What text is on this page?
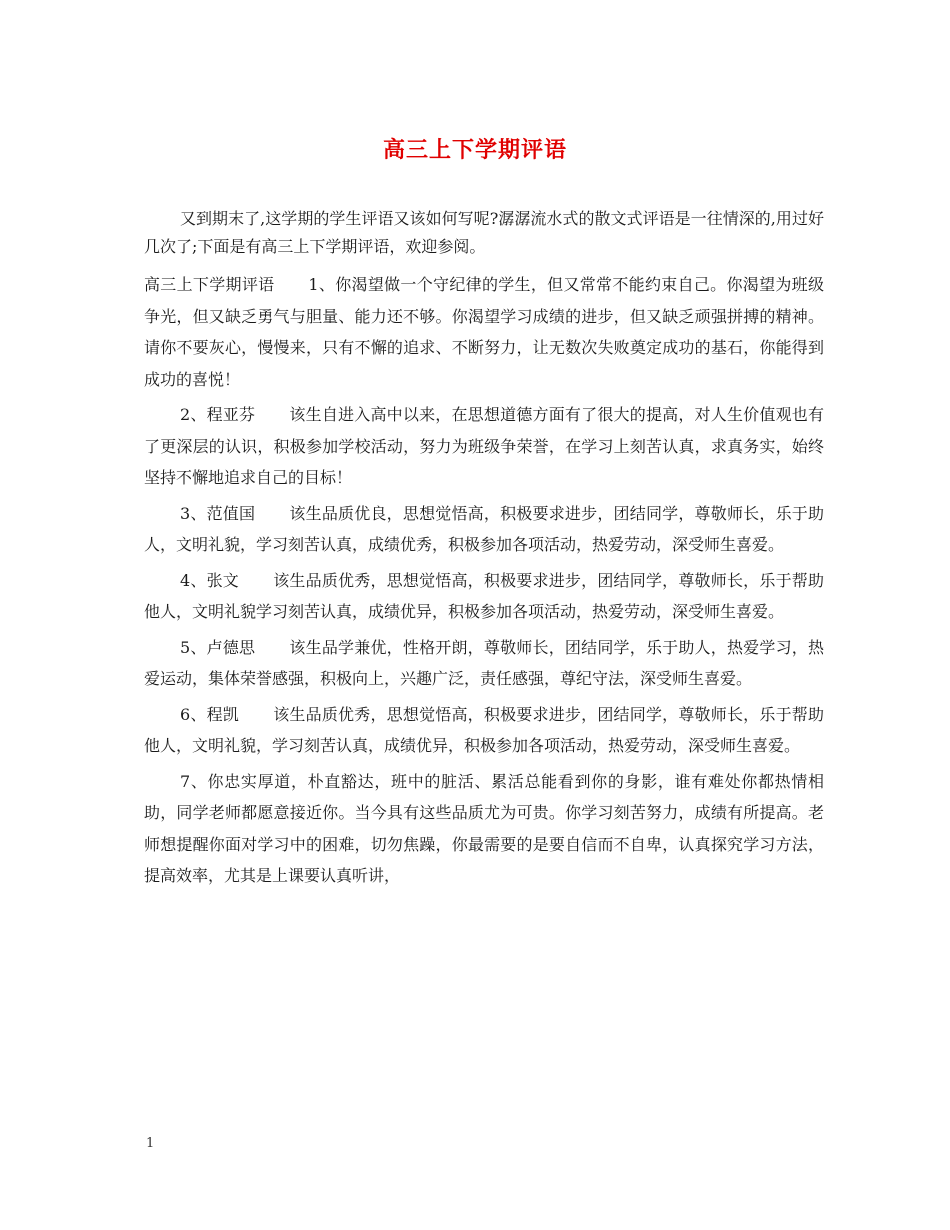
高三上下学期评语

又到期末了,这学期的学生评语又该如何写呢?潺潺流水式的散文式评语是一往情深的,用过好几次了;下面是有高三上下学期评语，欢迎参阅。

高三上下学期评语 1、你渴望做一个守纪律的学生，但又常常不能约束自己。你渴望为班级争光，但又缺乏勇气与胆量、能力还不够。你渴望学习成绩的进步，但又缺乏顽强拼搏的精神。请你不要灰心，慢慢来，只有不懈的追求、不断努力，让无数次失败奠定成功的基石，你能得到成功的喜悦！

2、程亚芬 该生自进入高中以来，在思想道德方面有了很大的提高，对人生价值观也有了更深层的认识，积极参加学校活动，努力为班级争荣誉，在学习上刻苦认真，求真务实，始终坚持不懈地追求自己的目标！

3、范值国 该生品质优良，思想觉悟高，积极要求进步，团结同学，尊敬师长，乐于助人，文明礼貌，学习刻苦认真，成绩优秀，积极参加各项活动，热爱劳动，深受师生喜爱。

4、张文 该生品质优秀，思想觉悟高，积极要求进步，团结同学，尊敬师长，乐于帮助他人，文明礼貌学习刻苦认真，成绩优异，积极参加各项活动，热爱劳动，深受师生喜爱。

5、卢德思 该生品学兼优，性格开朗，尊敬师长，团结同学，乐于助人，热爱学习，热爱运动，集体荣誉感强，积极向上，兴趣广泛，责任感强，尊纪守法，深受师生喜爱。

6、程凯 该生品质优秀，思想觉悟高，积极要求进步，团结同学，尊敬师长，乐于帮助他人，文明礼貌，学习刻苦认真，成绩优异，积极参加各项活动，热爱劳动，深受师生喜爱。

7、你忠实厚道，朴直豁达，班中的脏活、累活总能看到你的身影，谁有难处你都热情相助，同学老师都愿意接近你。当今具有这些品质尤为可贵。你学习刻苦努力，成绩有所提高。老师想提醒你面对学习中的困难，切勿焦躁，你最需要的是要自信而不自卑，认真探究学习方法，提高效率，尤其是上课要认真听讲，

1
